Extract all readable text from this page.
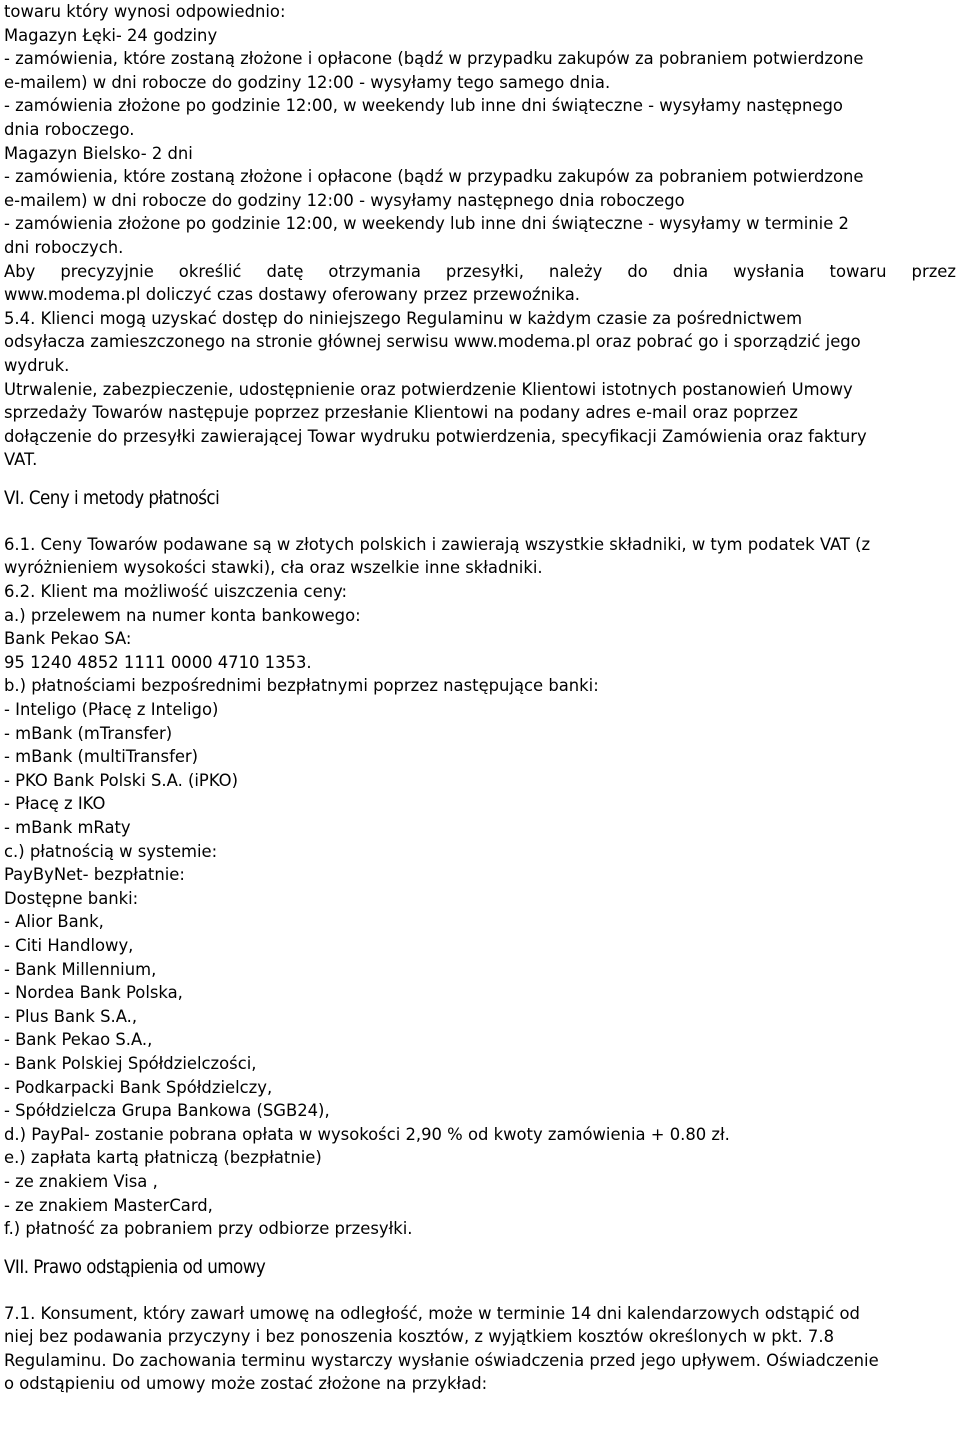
towaru który wynosi odpowiednio:
Magazyn Łęki- 24 godziny
- zamówienia, które zostaną złożone i opłacone (bądź w przypadku zakupów za pobraniem potwierdzone
e-mailem) w dni robocze do godziny 12:00 - wysyłamy tego samego dnia.
- zamówienia złożone po godzinie 12:00, w weekendy lub inne dni świąteczne - wysyłamy następnego
dnia roboczego.
Magazyn Bielsko- 2 dni
- zamówienia, które zostaną złożone i opłacone (bądź w przypadku zakupów za pobraniem potwierdzone
e-mailem) w dni robocze do godziny 12:00 - wysyłamy następnego dnia roboczego
- zamówienia złożone po godzinie 12:00, w weekendy lub inne dni świąteczne - wysyłamy w terminie 2
dni roboczych.
Aby precyzyjnie określić datę otrzymania przesyłki, należy do dnia wysłania towaru przez
www.modema.pl doliczyć czas dostawy oferowany przez przewoźnika.
5.4. Klienci mogą uzyskać dostęp do niniejszego Regulaminu w każdym czasie za pośrednictwem
odsyłacza zamieszczonego na stronie głównej serwisu www.modema.pl oraz pobrać go i sporządzić jego
wydruk.
Utrwalenie, zabezpieczenie, udostępnienie oraz potwierdzenie Klientowi istotnych postanowień Umowy
sprzedaży Towarów następuje poprzez przesłanie Klientowi na podany adres e-mail oraz poprzez
dołączenie do przesyłki zawierającej Towar wydruku potwierdzenia, specyfikacji Zamówienia oraz faktury
VAT.
VI. Ceny i metody płatności
6.1. Ceny Towarów podawane są w złotych polskich i zawierają wszystkie składniki, w tym podatek VAT (z
wyróżnieniem wysokości stawki), cła oraz wszelkie inne składniki.
6.2. Klient ma możliwość uiszczenia ceny:
a.) przelewem na numer konta bankowego:
Bank Pekao SA:
95 1240 4852 1111 0000 4710 1353.
b.) płatnościami bezpośrednimi bezpłatnymi poprzez następujące banki:
- Inteligo (Płacę z Inteligo)
- mBank (mTransfer)
- mBank (multiTransfer)
- PKO Bank Polski S.A. (iPKO)
- Płacę z IKO
- mBank mRaty
c.) płatnością w systemie:
PayByNet- bezpłatnie:
Dostępne banki:
- Alior Bank,
- Citi Handlowy,
- Bank Millennium,
- Nordea Bank Polska,
- Plus Bank S.A.,
- Bank Pekao S.A.,
- Bank Polskiej Spółdzielczości,
- Podkarpacki Bank Spółdzielczy,
- Spółdzielcza Grupa Bankowa (SGB24),
d.) PayPal- zostanie pobrana opłata w wysokości 2,90 % od kwoty zamówienia + 0.80 zł.
e.) zapłata kartą płatniczą (bezpłatnie)
- ze znakiem Visa ,
- ze znakiem MasterCard,
f.) płatność za pobraniem przy odbiorze przesyłki.
VII. Prawo odstąpienia od umowy
7.1. Konsument, który zawarł umowę na odległość, może w terminie 14 dni kalendarzowych odstąpić od
niej bez podawania przyczyny i bez ponoszenia kosztów, z wyjątkiem kosztów określonych w pkt. 7.8
Regulaminu. Do zachowania terminu wystarczy wysłanie oświadczenia przed jego upływem. Oświadczenie
o odstąpieniu od umowy może zostać złożone na przykład:
